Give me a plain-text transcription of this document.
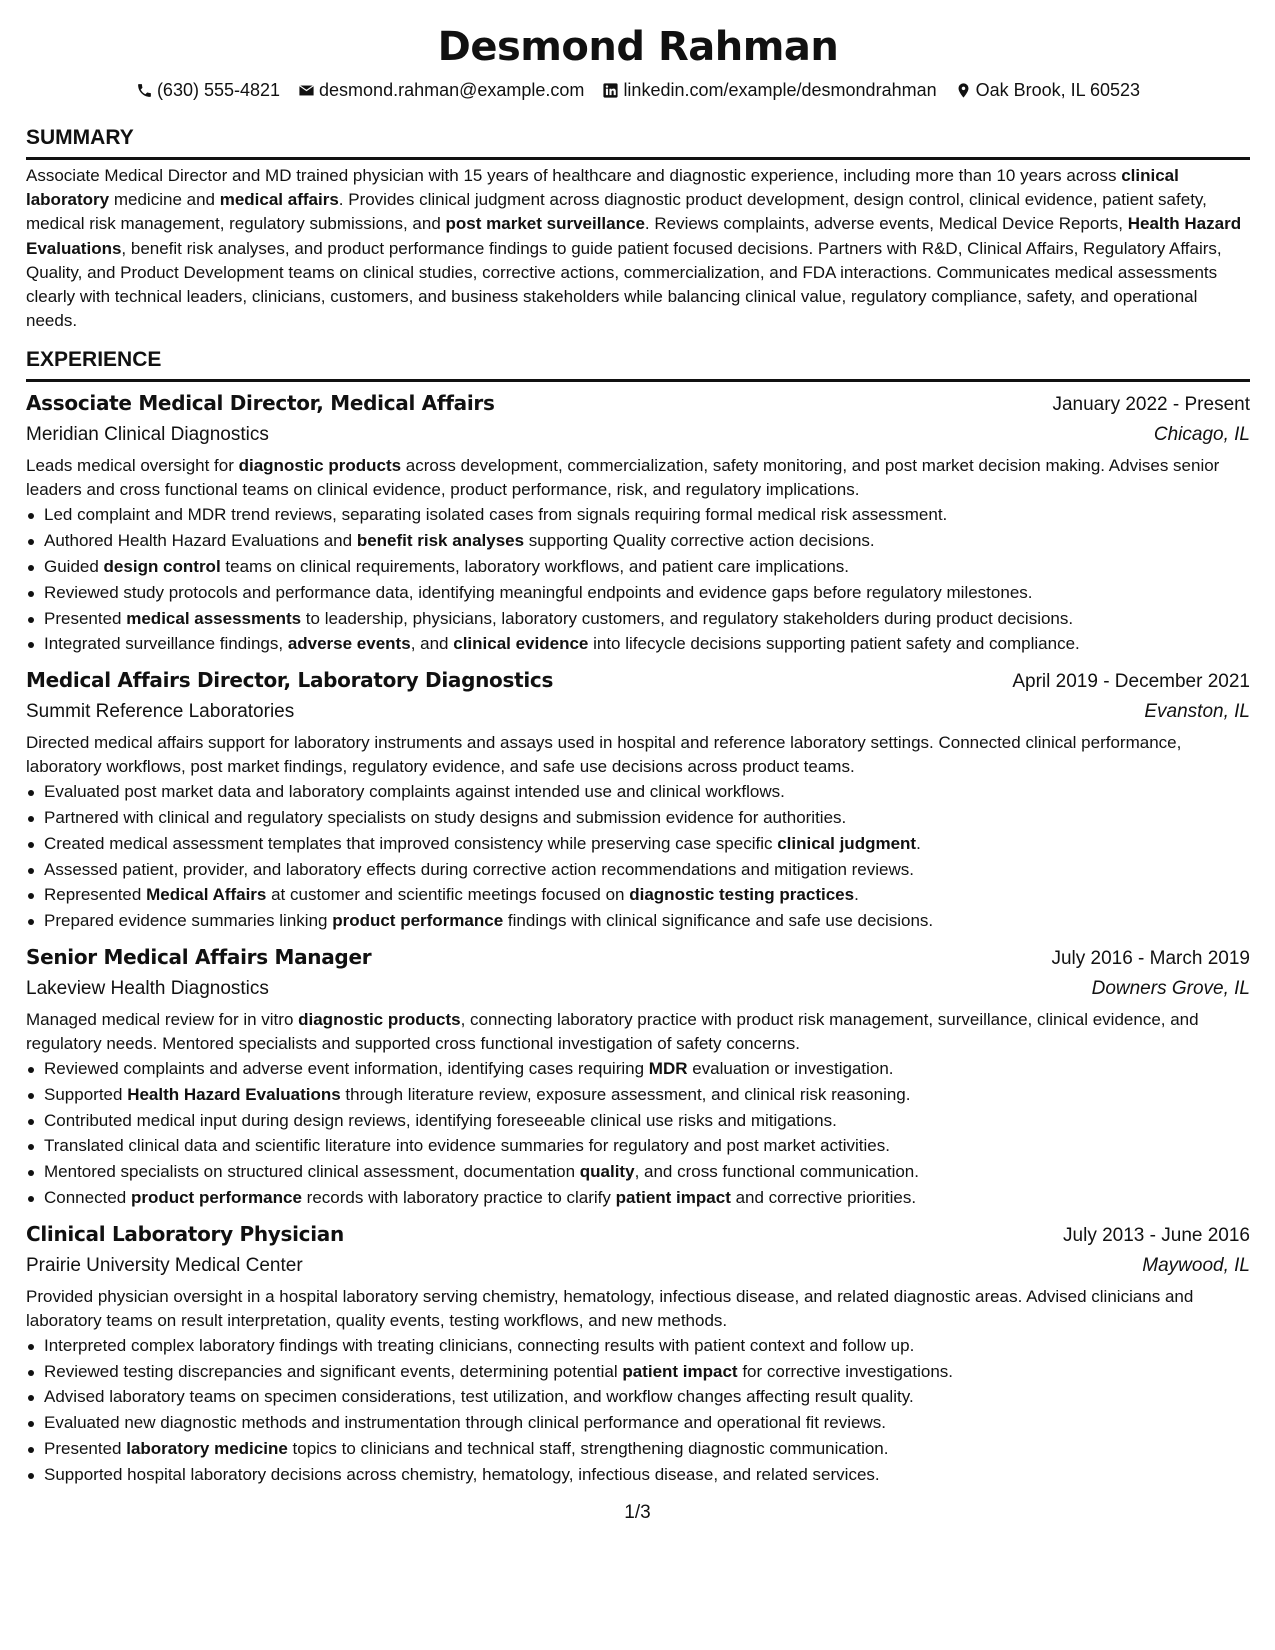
Desmond Rahman
(630) 555-4821 desmond.rahman@example.com linkedin.com/example/desmondrahman Oak Brook, IL 60523
SUMMARY

Associate Medical Director and MD trained physician with 15 years of healthcare and diagnostic experience, including more than 10 years across clinical laboratory medicine and medical affairs. Provides clinical judgment across diagnostic product development, design control, clinical evidence, patient safety, medical risk management, regulatory submissions, and post market surveillance. Reviews complaints, adverse events, Medical Device Reports, Health Hazard Evaluations, benefit risk analyses, and product performance findings to guide patient focused decisions. Partners with R&D, Clinical Affairs, Regulatory Affairs, Quality, and Product Development teams on clinical studies, corrective actions, commercialization, and FDA interactions. Communicates medical assessments clearly with technical leaders, clinicians, customers, and business stakeholders while balancing clinical value, regulatory compliance, safety, and operational needs.

EXPERIENCE
Associate Medical Director, Medical Affairs	January 2022 - Present
Meridian Clinical Diagnostics	Chicago, IL
Leads medical oversight for diagnostic products across development, commercialization, safety monitoring, and post market decision making. Advises senior leaders and cross functional teams on clinical evidence, product performance, risk, and regulatory implications.
Led complaint and MDR trend reviews, separating isolated cases from signals requiring formal medical risk assessment.
Authored Health Hazard Evaluations and benefit risk analyses supporting Quality corrective action decisions.
Guided design control teams on clinical requirements, laboratory workflows, and patient care implications.
Reviewed study protocols and performance data, identifying meaningful endpoints and evidence gaps before regulatory milestones.
Presented medical assessments to leadership, physicians, laboratory customers, and regulatory stakeholders during product decisions.
Integrated surveillance findings, adverse events, and clinical evidence into lifecycle decisions supporting patient safety and compliance.
Medical Affairs Director, Laboratory Diagnostics	April 2019 - December 2021
Summit Reference Laboratories	Evanston, IL
Directed medical affairs support for laboratory instruments and assays used in hospital and reference laboratory settings. Connected clinical performance, laboratory workflows, post market findings, regulatory evidence, and safe use decisions across product teams.
Evaluated post market data and laboratory complaints against intended use and clinical workflows.
Partnered with clinical and regulatory specialists on study designs and submission evidence for authorities.
Created medical assessment templates that improved consistency while preserving case specific clinical judgment.
Assessed patient, provider, and laboratory effects during corrective action recommendations and mitigation reviews.
Represented Medical Affairs at customer and scientific meetings focused on diagnostic testing practices.
Prepared evidence summaries linking product performance findings with clinical significance and safe use decisions.
Senior Medical Affairs Manager	July 2016 - March 2019
Lakeview Health Diagnostics	Downers Grove, IL
Managed medical review for in vitro diagnostic products, connecting laboratory practice with product risk management, surveillance, clinical evidence, and regulatory needs. Mentored specialists and supported cross functional investigation of safety concerns.
Reviewed complaints and adverse event information, identifying cases requiring MDR evaluation or investigation.
Supported Health Hazard Evaluations through literature review, exposure assessment, and clinical risk reasoning.
Contributed medical input during design reviews, identifying foreseeable clinical use risks and mitigations.
Translated clinical data and scientific literature into evidence summaries for regulatory and post market activities.
Mentored specialists on structured clinical assessment, documentation quality, and cross functional communication.
Connected product performance records with laboratory practice to clarify patient impact and corrective priorities.
Clinical Laboratory Physician	July 2013 - June 2016
Prairie University Medical Center	Maywood, IL
Provided physician oversight in a hospital laboratory serving chemistry, hematology, infectious disease, and related diagnostic areas. Advised clinicians and laboratory teams on result interpretation, quality events, testing workflows, and new methods.
Interpreted complex laboratory findings with treating clinicians, connecting results with patient context and follow up.
Reviewed testing discrepancies and significant events, determining potential patient impact for corrective investigations.
Advised laboratory teams on specimen considerations, test utilization, and workflow changes affecting result quality.
Evaluated new diagnostic methods and instrumentation through clinical performance and operational fit reviews.
Presented laboratory medicine topics to clinicians and technical staff, strengthening diagnostic communication.
Supported hospital laboratory decisions across chemistry, hematology, infectious disease, and related services.
1/3
